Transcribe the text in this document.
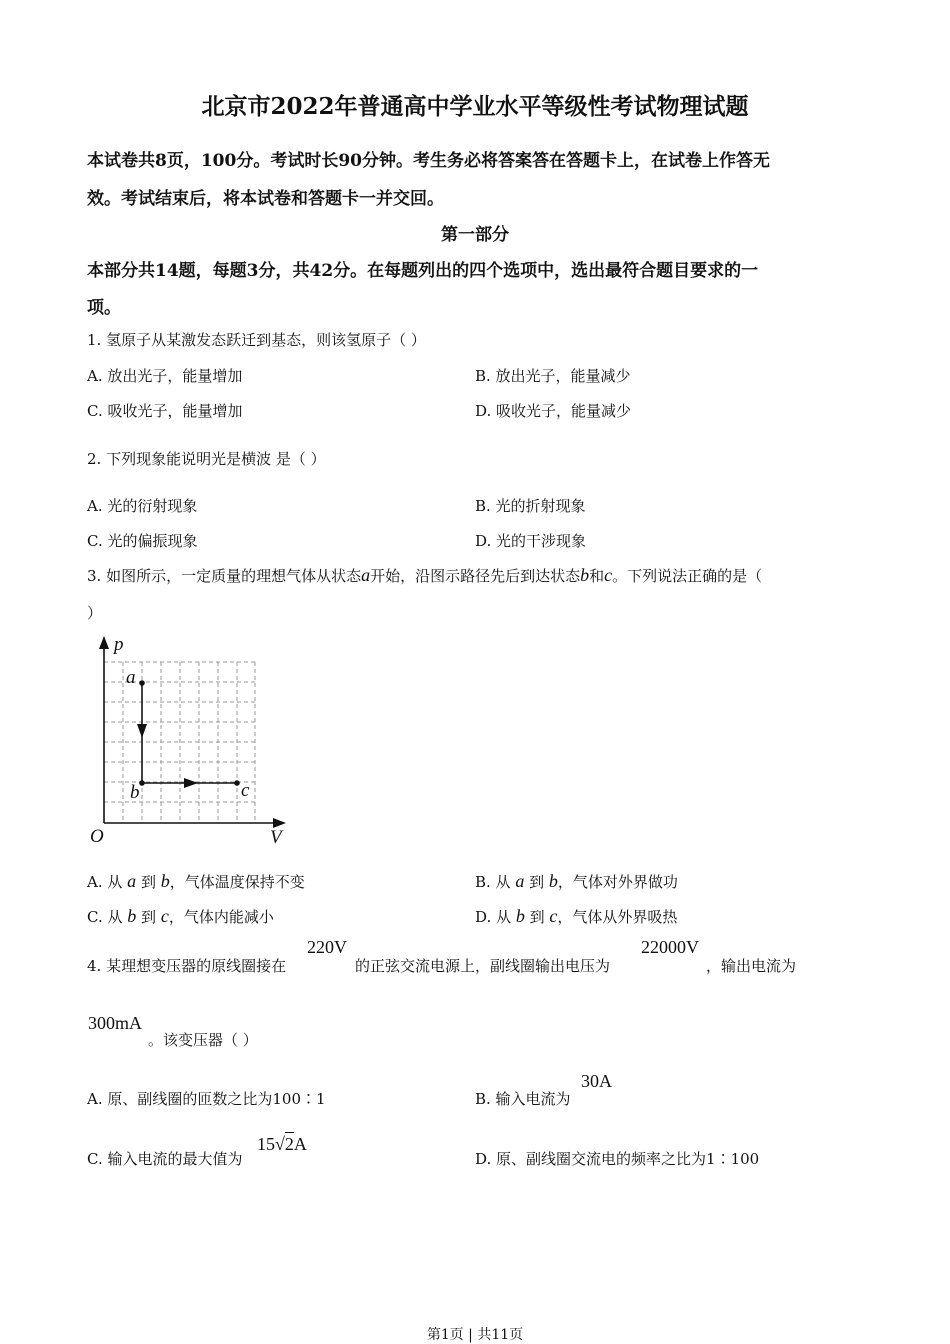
北京市2022年普通高中学业水平等级性考试物理试题
本试卷共8页，100分。考试时长90分钟。考生务必将答案答在答题卡上，在试卷上作答无
效。考试结束后，将本试卷和答题卡一并交回。
第一部分
本部分共14题，每题3分，共42分。在每题列出的四个选项中，选出最符合题目要求的一
项。
1. 氢原子从某激发态跃迁到基态，则该氢原子（ ）
A. 放出光子，能量增加	B. 放出光子，能量减少
C. 吸收光子，能量增加	D. 吸收光子，能量减少
2. 下列现象能说明光是横波 是（ ）
A. 光的衍射现象	B. 光的折射现象
C. 光的偏振现象	D. 光的干涉现象
3. 如图所示，一定质量的理想气体从状态a开始，沿图示路径先后到达状态b和c。下列说法正确的是（
）
p
V
O
a
b	c
A. 从 a 到 b，气体温度保持不变	B. 从 a 到 b，气体对外界做功
C. 从 b 到 c，气体内能减小	D. 从 b 到 c，气体从外界吸热
4. 某理想变压器的原线圈接在
220V
的正弦交流电源上，副线圈输出电压为
22000V
，输出电流为
300mA
。该变压器（ ）
A. 原、副线圈的匝数之比为100∶1	B. 输入电流为
30A
C. 输入电流的最大值为
15√2A
D. 原、副线圈交流电的频率之比为1∶100
第1页 | 共11页
